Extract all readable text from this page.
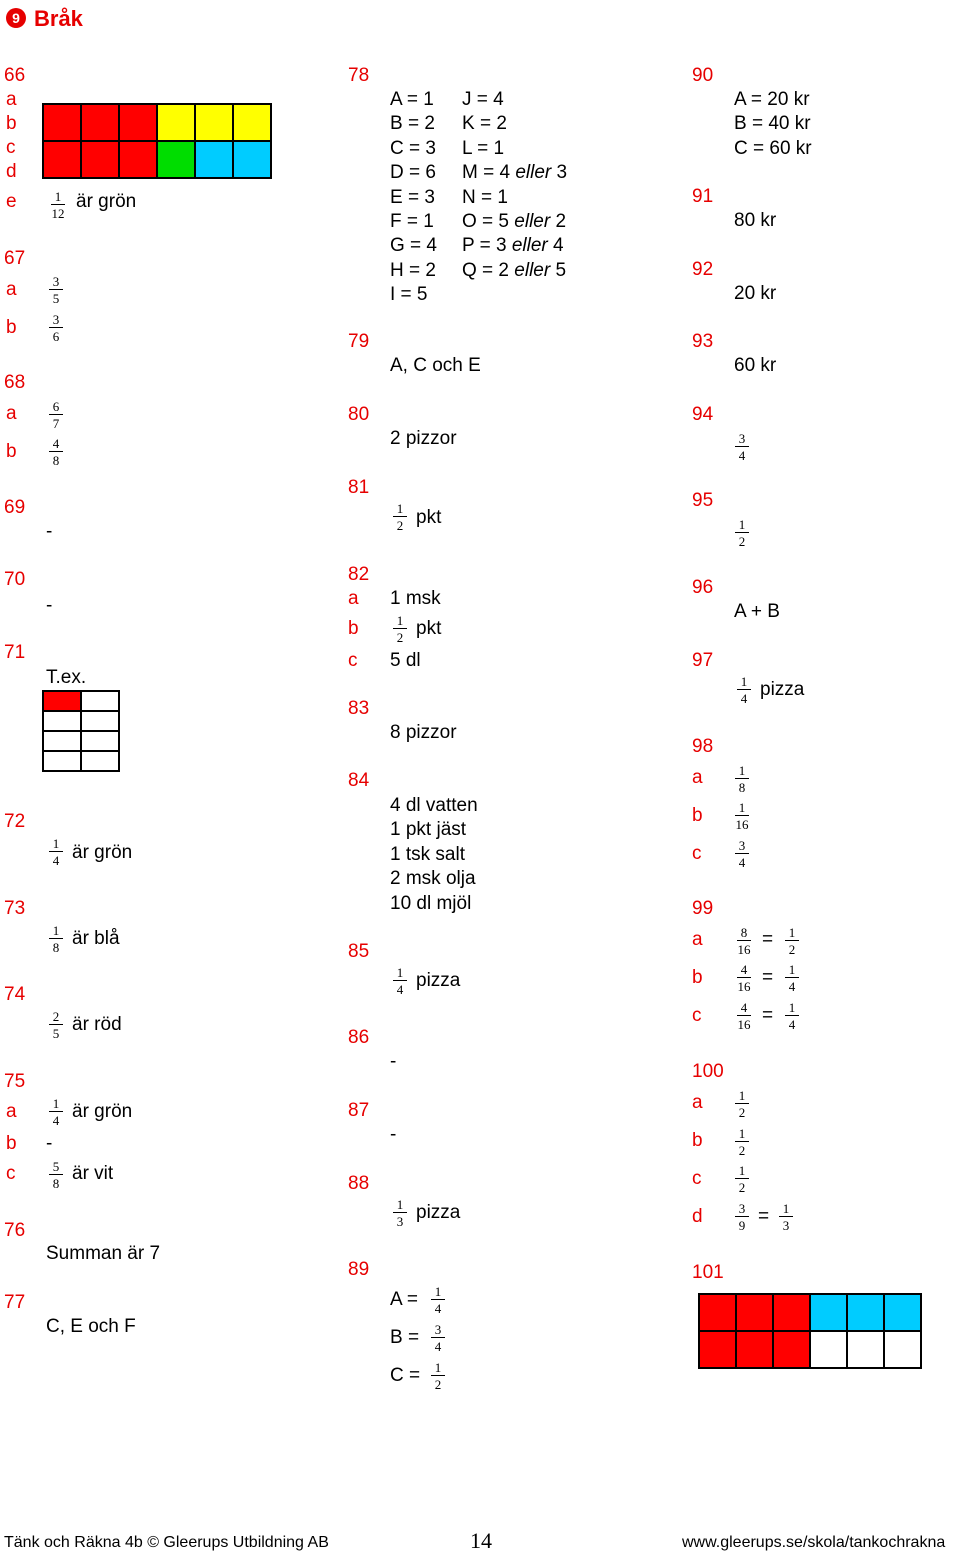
9 Bråk
66
a
b
c
d
e	1
12
är grön
67
a	3
5
b	3
6
68
a	6
7
b	4
8
69
-
70
-
71
T.ex.
72
1
4 är grön
73
1
8 är blå
74
2
5 är röd
75
a	1
4 är grön
b -
c	5
8 är vit
76
Summan är 7
77
C, E och F
78
A = 1
B = 2
C = 3
D = 6
E = 3
F = 1
G = 4
H = 2
I = 5
J = 4
K = 2
L = 1
M = 4 eller 3
N = 1
O = 5 eller 2
P = 3 eller 4
Q = 2 eller 5
79
A, C och E
80
2 pizzor
81
1
2 pkt
82
a 1 msk
b	1
2 pkt
c 5 dl
83
8 pizzor
84
4 dl vatten
1 pkt jäst
1 tsk salt
2 msk olja
10 dl mjöl
85
1
4 pizza
86
-
87
-
88
1
3 pizza
89
A =	1
4
B =	3
4
C =	1
2
90
A = 20 kr
B = 40 kr
C = 60 kr
91
80 kr
92
20 kr
93
60 kr
94
3
4
95
1
2
96
A + B
97
1
4 pizza
98
a	1
8
b	1
16
c	3
4
99
a	8
16 =	1
2
b	4
16 =	1
4
c	4
16 =	1
4
100
a	1
2
b	1
2
c	1
2
d	3
9 =	1
3
101
Tänk och Räkna 4b © Gleerups Utbildning AB	14	www.gleerups.se/skola/tankochrakna
